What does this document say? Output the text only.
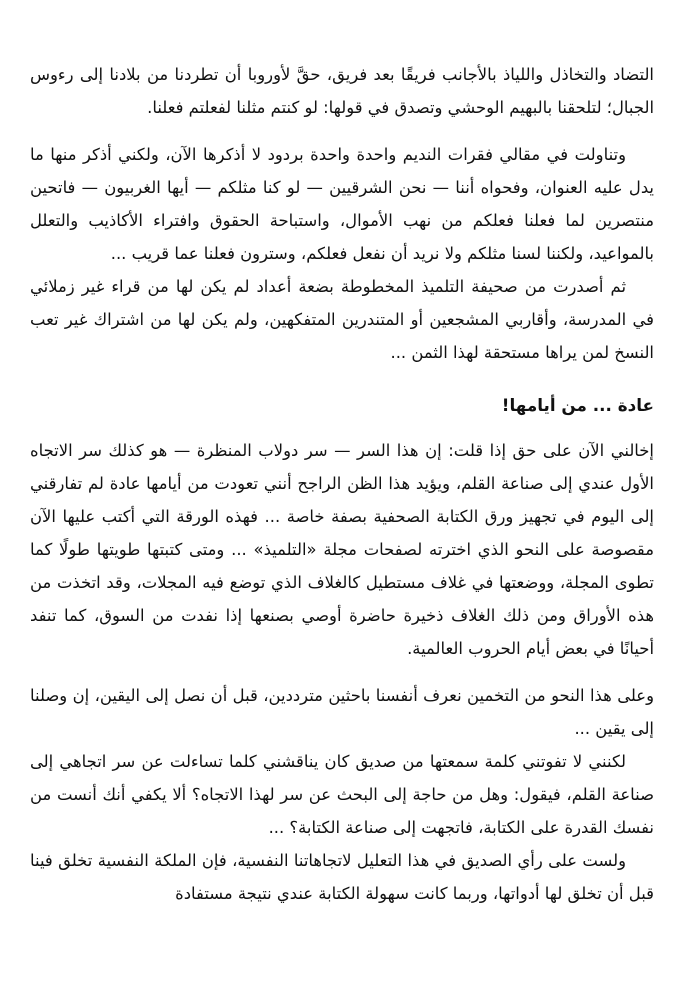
التضاد والتخاذل واللياذ بالأجانب فريقًا بعد فريق، حقَّ لأوروبا أن تطردنا من بلادنا إلى رءوس الجبال؛ لتلحقنا بالبهيم الوحشي وتصدق في قولها: لو كنتم مثلنا لفعلتم فعلنا.

وتناولت في مقالي فقرات النديم واحدة واحدة بردود لا أذكرها الآن، ولكني أذكر منها ما يدل عليه العنوان، وفحواه أننا — نحن الشرقيين — لو كنا مثلكم — أيها الغربيون — فاتحين منتصرين لما فعلنا فعلكم من نهب الأموال، واستباحة الحقوق وافتراء الأكاذيب والتعلل بالمواعيد، ولكننا لسنا مثلكم ولا نريد أن نفعل فعلكم، وسترون فعلنا عما قريب ...

ثم أصدرت من صحيفة التلميذ المخطوطة بضعة أعداد لم يكن لها من قراء غير زملائي في المدرسة، وأقاربي المشجعين أو المتندرين المتفكهين، ولم يكن لها من اشتراك غير تعب النسخ لمن يراها مستحقة لهذا الثمن ...

عادة ... من أيامها!

إخالني الآن على حق إذا قلت: إن هذا السر — سر دولاب المنظرة — هو كذلك سر الاتجاه الأول عندي إلى صناعة القلم، ويؤيد هذا الظن الراجح أنني تعودت من أيامها عادة لم تفارقني إلى اليوم في تجهيز ورق الكتابة الصحفية بصفة خاصة ... فهذه الورقة التي أكتب عليها الآن مقصوصة على النحو الذي اخترته لصفحات مجلة «التلميذ» ... ومتى كتبتها طويتها طولًا كما تطوى المجلة، ووضعتها في غلاف مستطيل كالغلاف الذي توضع فيه المجلات، وقد اتخذت من هذه الأوراق ومن ذلك الغلاف ذخيرة حاضرة أوصي بصنعها إذا نفدت من السوق، كما تنفد أحيانًا في بعض أيام الحروب العالمية.

وعلى هذا النحو من التخمين نعرف أنفسنا باحثين مترددين، قبل أن نصل إلى اليقين، إن وصلنا إلى يقين ...

لكنني لا تفوتني كلمة سمعتها من صديق كان يناقشني كلما تساءلت عن سر اتجاهي إلى صناعة القلم، فيقول: وهل من حاجة إلى البحث عن سر لهذا الاتجاه؟ ألا يكفي أنك أنست من نفسك القدرة على الكتابة، فاتجهت إلى صناعة الكتابة؟ ...

ولست على رأي الصديق في هذا التعليل لاتجاهاتنا النفسية، فإن الملكة النفسية تخلق فينا قبل أن تخلق لها أدواتها، وربما كانت سهولة الكتابة عندي نتيجة مستفادة
